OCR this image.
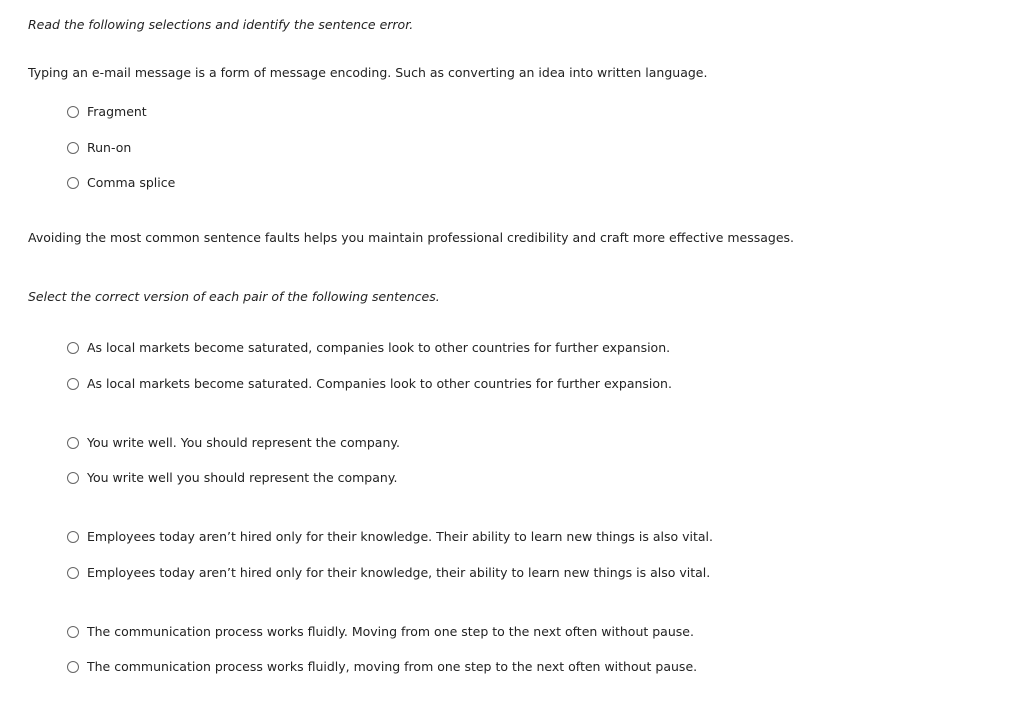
Read the following selections and identify the sentence error.
Typing an e-mail message is a form of message encoding. Such as converting an idea into written language.
Fragment
Run-on
Comma splice
Avoiding the most common sentence faults helps you maintain professional credibility and craft more effective messages.
Select the correct version of each pair of the following sentences.
As local markets become saturated, companies look to other countries for further expansion.
As local markets become saturated. Companies look to other countries for further expansion.
You write well. You should represent the company.
You write well you should represent the company.
Employees today aren’t hired only for their knowledge. Their ability to learn new things is also vital.
Employees today aren’t hired only for their knowledge, their ability to learn new things is also vital.
The communication process works fluidly. Moving from one step to the next often without pause.
The communication process works fluidly, moving from one step to the next often without pause.
